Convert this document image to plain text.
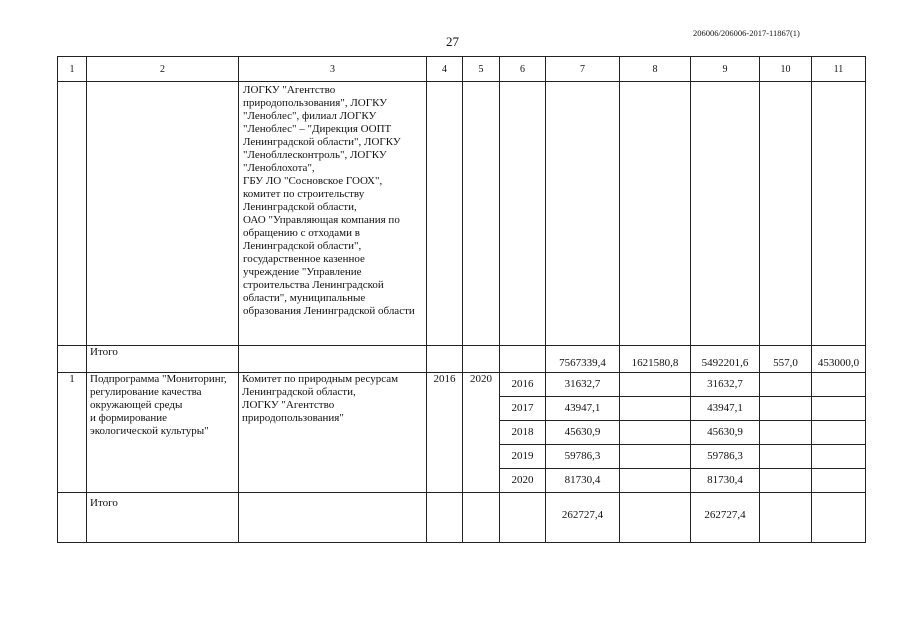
27
206006/206006-2017-11867(1)
1	2	3	4	5	6	7	8	9	10	11
		ЛОГКУ "Агентство природопользования", ЛОГКУ "Леноблес", филиал ЛОГКУ "Леноблес" – "Дирекция ООПТ Ленинградской области", ЛОГКУ "Ленобллесконтроль", ЛОГКУ "Леноблохота",
ГБУ ЛО "Сосновское ГООХ",
комитет по строительству Ленинградской области,
ОАО "Управляющая компания по обращению с отходами в Ленинградской области",
государственное казенное учреждение "Управление строительства Ленинградской области", муниципальные образования Ленинградской области								
	Итого					7567339,4	1621580,8	5492201,6	557,0	453000,0
1	Подпрограмма "Мониторинг, регулирование качества окружающей среды
и формирование экологической культуры"	Комитет по природным ресурсам Ленинградской области,
ЛОГКУ "Агентство природопользования"	2016	2020	2016	31632,7		31632,7		
					2017	43947,1		43947,1		
					2018	45630,9		45630,9		
					2019	59786,3		59786,3		
					2020	81730,4		81730,4		
	Итого					262727,4		262727,4		
